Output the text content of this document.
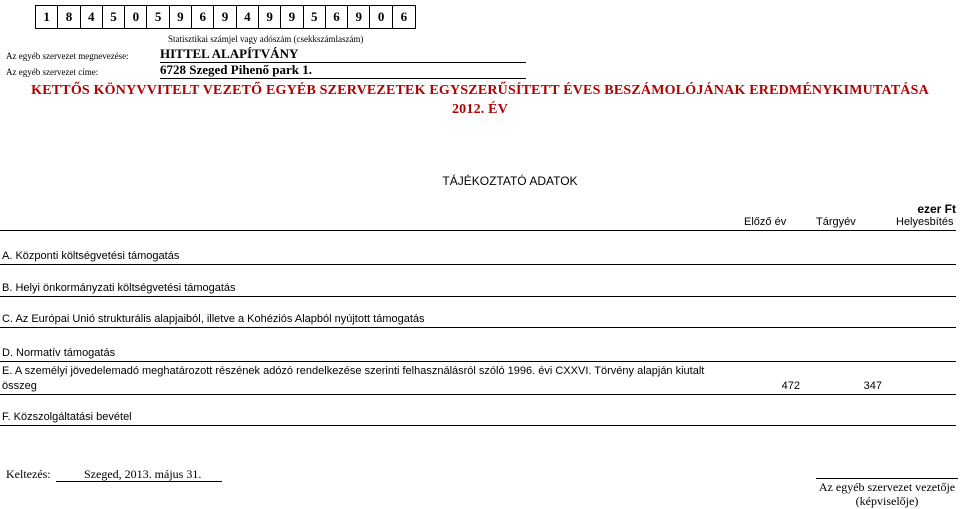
1	8	4	5	0	5	9	6	9	4	9	9	5	6	9	0	6
Statisztikai számjel vagy adószám (csekkszámlaszám)
Az egyéb szervezet megnevezése: HITTEL ALAPÍTVÁNY
Az egyéb szervezet címe:	6728 Szeged Pihenő park 1.
KETTŐS KÖNYVVITELT VEZETŐ EGYÉB SZERVEZETEK EGYSZERŰSÍTETT ÉVES BESZÁMOLÓJÁNAK EREDMÉNYKIMUTATÁSA
2012. ÉV
TÁJÉKOZTATÓ ADATOK
ezer Ft
Előző év	Tárgyév	Helyesbítés
A. Központi költségvetési támogatás
B. Helyi önkormányzati költségvetési támogatás
C. Az Európai Unió strukturális alapjaiból, illetve a Kohéziós Alapból nyújtott támogatás
D. Normatív támogatás
E. A személyi jövedelemadó meghatározott részének adózó rendelkezése szerinti felhasználásról szóló 1996. évi CXXVI. Törvény alapján kiutalt
összeg	472	347
F. Közszolgáltatási bevétel
Keltezés:	Szeged, 2013. május 31.
Az egyéb szervezet vezetője
(képviselője)
